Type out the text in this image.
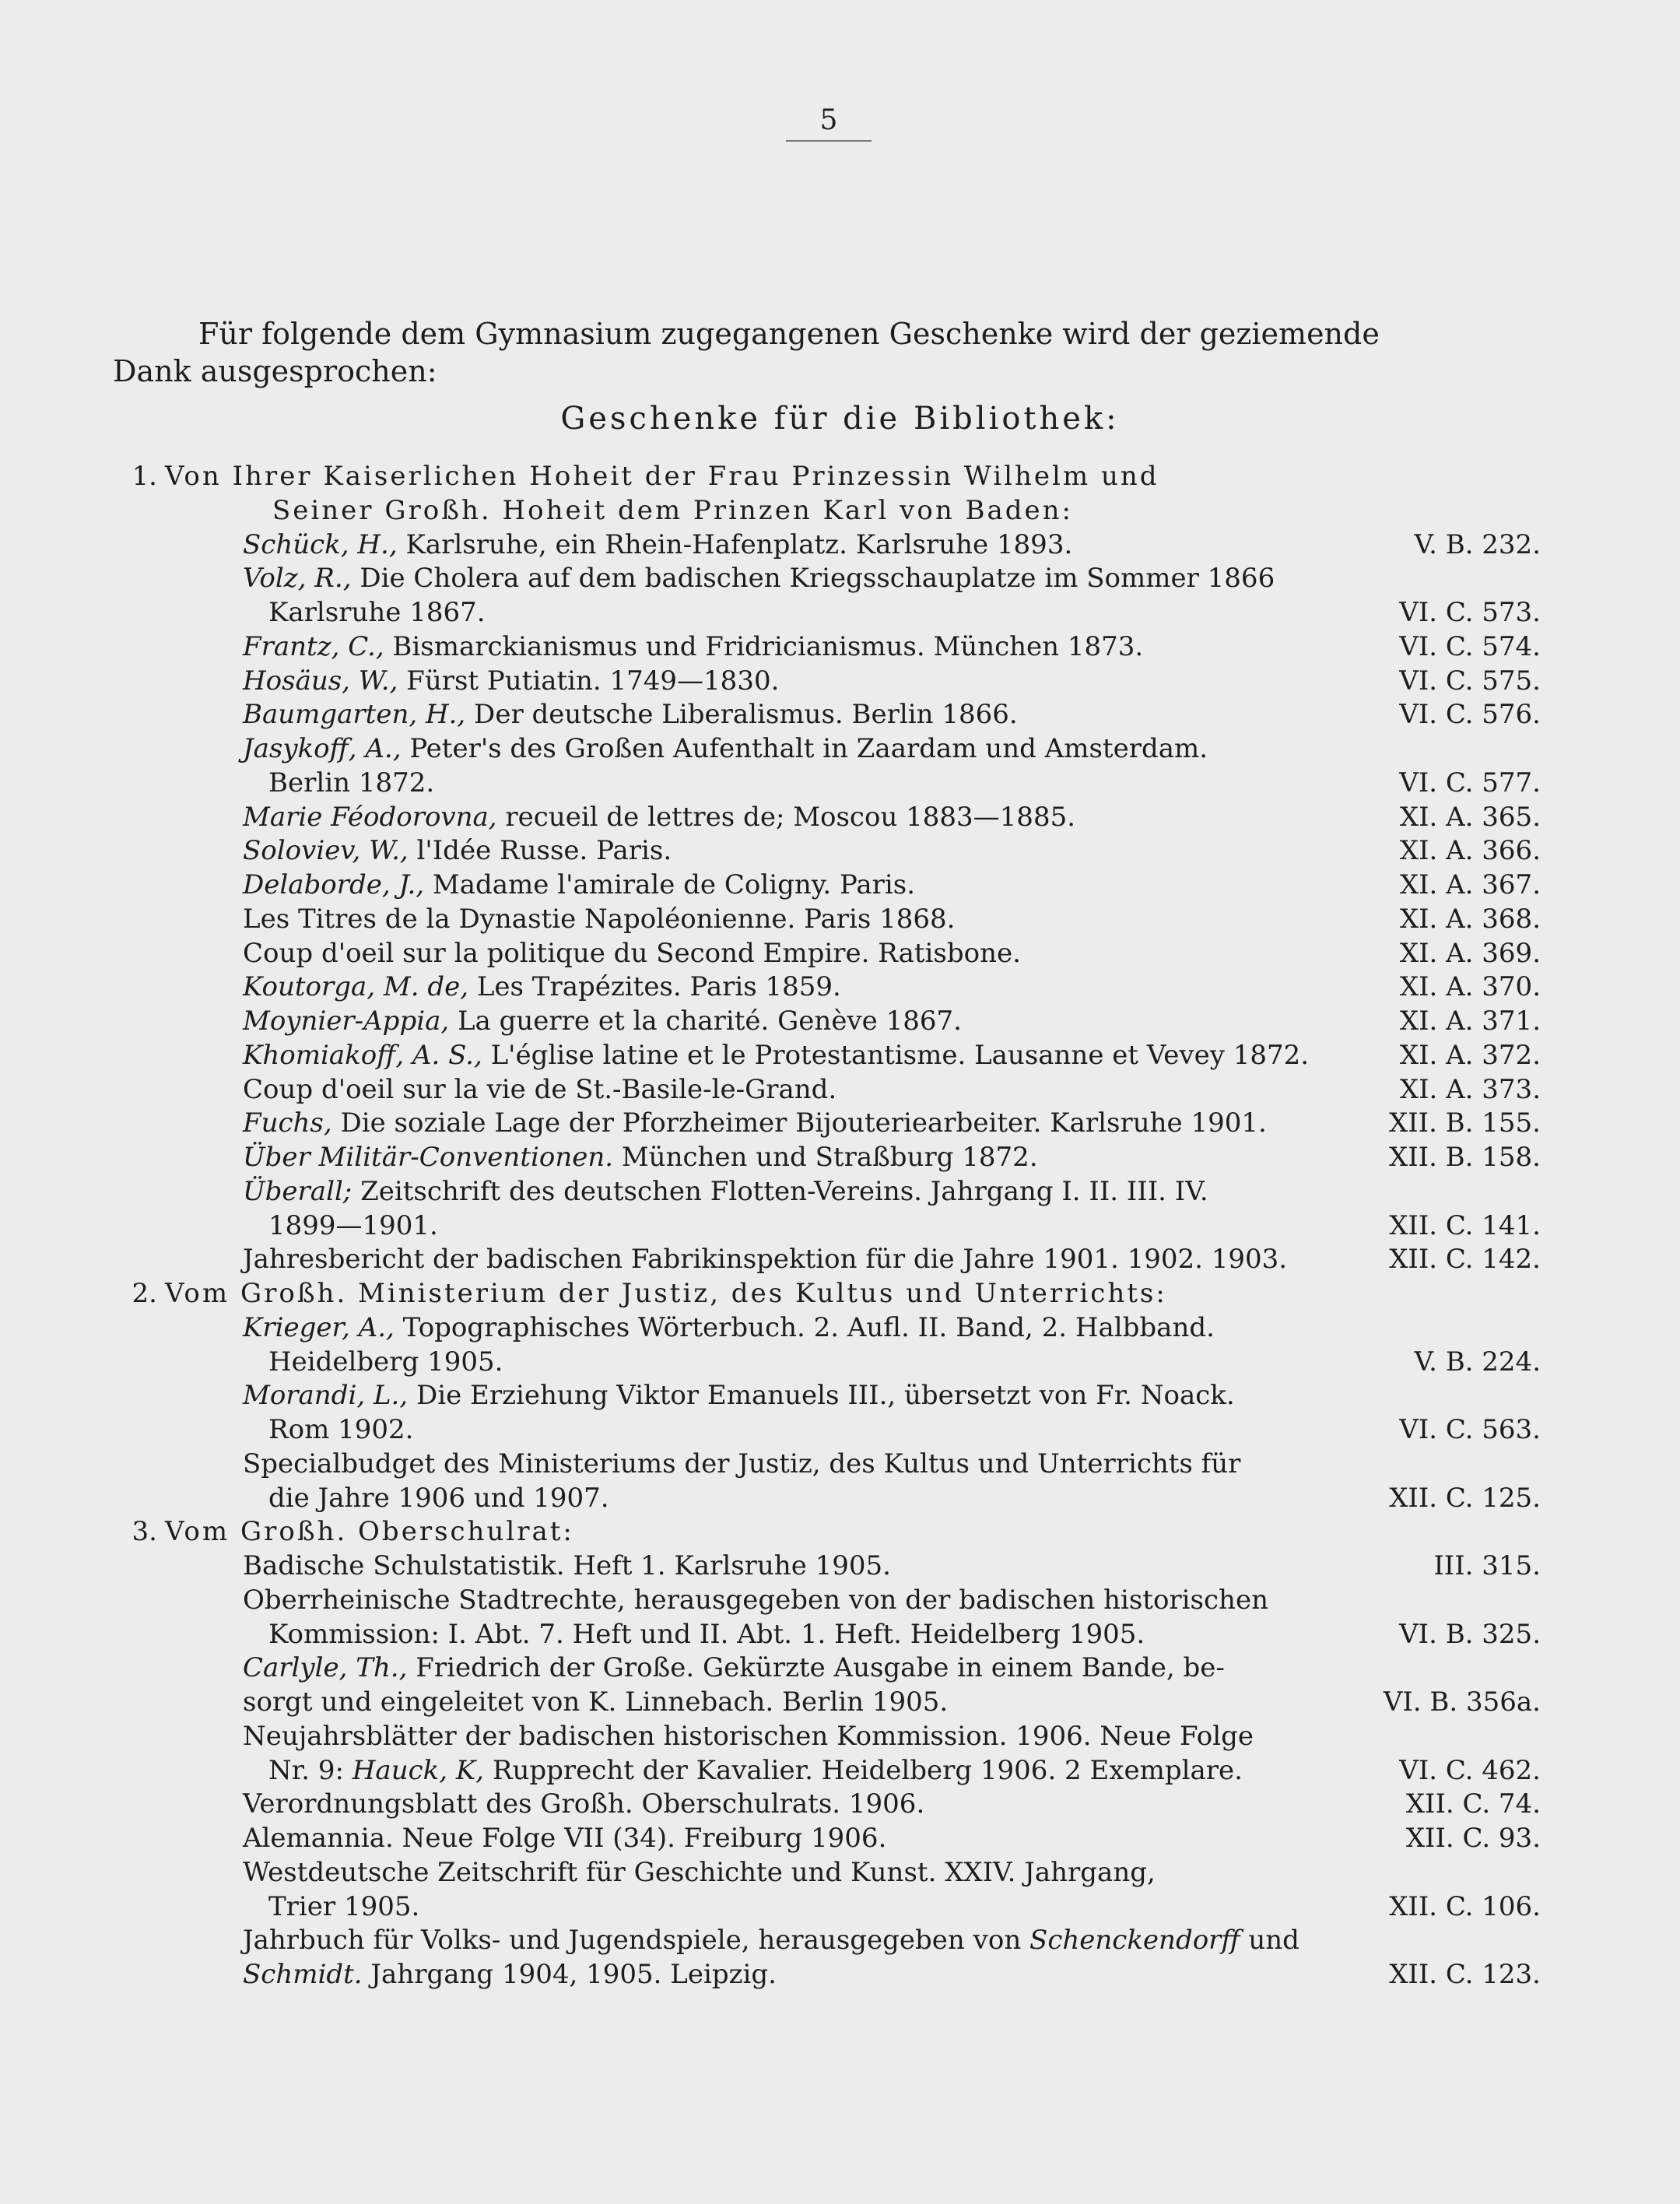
5
Für folgende dem Gymnasium zugegangenen Geschenke wird der geziemende
Dank ausgesprochen:
Geschenke für die Bibliothek:
1. Von Ihrer Kaiserlichen Hoheit der Frau Prinzessin Wilhelm und
Seiner Großh. Hoheit dem Prinzen Karl von Baden:
Schück, H., Karlsruhe, ein Rhein-Hafenplatz. Karlsruhe 1893.	V. B. 232.
Volz, R., Die Cholera auf dem badischen Kriegsschauplatze im Sommer 1866
Karlsruhe 1867.	VI. C. 573.
Frantz, C., Bismarckianismus und Fridricianismus. München 1873.	VI. C. 574.
Hosäus, W., Fürst Putiatin. 1749—1830.	VI. C. 575.
Baumgarten, H., Der deutsche Liberalismus. Berlin 1866.	VI. C. 576.
Jasykoff, A., Peter's des Großen Aufenthalt in Zaardam und Amsterdam.
Berlin 1872.	VI. C. 577.
Marie Féodorovna, recueil de lettres de; Moscou 1883—1885.	XI. A. 365.
Soloviev, W., l'Idée Russe. Paris.	XI. A. 366.
Delaborde, J., Madame l'amirale de Coligny. Paris.	XI. A. 367.
Les Titres de la Dynastie Napoléonienne. Paris 1868.	XI. A. 368.
Coup d'oeil sur la politique du Second Empire. Ratisbone.	XI. A. 369.
Koutorga, M. de, Les Trapézites. Paris 1859.	XI. A. 370.
Moynier-Appia, La guerre et la charité. Genève 1867.	XI. A. 371.
Khomiakoff, A. S., L'église latine et le Protestantisme. Lausanne et Vevey 1872.	XI. A. 372.
Coup d'oeil sur la vie de St.-Basile-le-Grand.	XI. A. 373.
Fuchs, Die soziale Lage der Pforzheimer Bijouteriearbeiter. Karlsruhe 1901.	XII. B. 155.
Über Militär-Conventionen. München und Straßburg 1872.	XII. B. 158.
Überall; Zeitschrift des deutschen Flotten-Vereins. Jahrgang I. II. III. IV.
1899—1901.	XII. C. 141.
Jahresbericht der badischen Fabrikinspektion für die Jahre 1901. 1902. 1903.	XII. C. 142.
2. Vom Großh. Ministerium der Justiz, des Kultus und Unterrichts:
Krieger, A., Topographisches Wörterbuch. 2. Aufl. II. Band, 2. Halbband.
Heidelberg 1905.	V. B. 224.
Morandi, L., Die Erziehung Viktor Emanuels III., übersetzt von Fr. Noack.
Rom 1902.	VI. C. 563.
Specialbudget des Ministeriums der Justiz, des Kultus und Unterrichts für
die Jahre 1906 und 1907.	XII. C. 125.
3. Vom Großh. Oberschulrat:
Badische Schulstatistik. Heft 1. Karlsruhe 1905.	III. 315.
Oberrheinische Stadtrechte, herausgegeben von der badischen historischen
Kommission: I. Abt. 7. Heft und II. Abt. 1. Heft. Heidelberg 1905.	VI. B. 325.
Carlyle, Th., Friedrich der Große. Gekürzte Ausgabe in einem Bande, be-
sorgt und eingeleitet von K. Linnebach. Berlin 1905.	VI. B. 356a.
Neujahrsblätter der badischen historischen Kommission. 1906. Neue Folge
Nr. 9: Hauck, K, Rupprecht der Kavalier. Heidelberg 1906. 2 Exemplare.	VI. C. 462.
Verordnungsblatt des Großh. Oberschulrats. 1906.	XII. C. 74.
Alemannia. Neue Folge VII (34). Freiburg 1906.	XII. C. 93.
Westdeutsche Zeitschrift für Geschichte und Kunst. XXIV. Jahrgang,
Trier 1905.	XII. C. 106.
Jahrbuch für Volks- und Jugendspiele, herausgegeben von Schenckendorff und
Schmidt. Jahrgang 1904, 1905. Leipzig.	XII. C. 123.
